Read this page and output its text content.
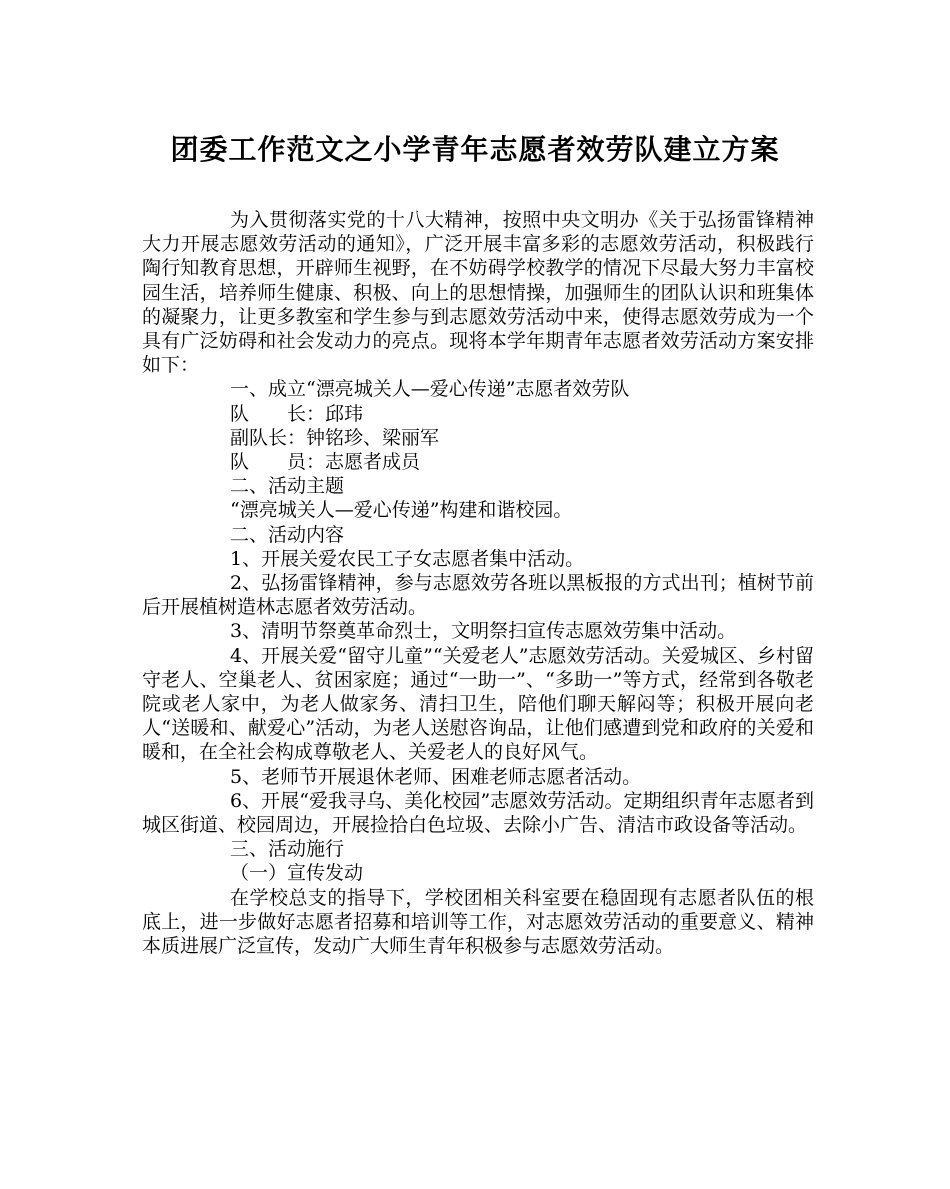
团委工作范文之小学青年志愿者效劳队建立方案

为入贯彻落实党的十八大精神，按照中央文明办《关于弘扬雷锋精神大力开展志愿效劳活动的通知》，广泛开展丰富多彩的志愿效劳活动，积极践行陶行知教育思想，开辟师生视野，在不妨碍学校教学的情况下尽最大努力丰富校园生活，培养师生健康、积极、向上的思想情操，加强师生的团队认识和班集体的凝聚力，让更多教室和学生参与到志愿效劳活动中来，使得志愿效劳成为一个具有广泛妨碍和社会发动力的亮点。现将本学年期青年志愿者效劳活动方案安排如下：

一、成立“漂亮城关人—爱心传递”志愿者效劳队

队　　长：邱玮

副队长：钟铭珍、梁丽军

队　　员：志愿者成员

二、活动主题

“漂亮城关人—爱心传递”构建和谐校园。

二、活动内容

1、开展关爱农民工子女志愿者集中活动。

2、弘扬雷锋精神，参与志愿效劳各班以黑板报的方式出刊；植树节前后开展植树造林志愿者效劳活动。

3、清明节祭奠革命烈士，文明祭扫宣传志愿效劳集中活动。

4、开展关爱“留守儿童”“关爱老人”志愿效劳活动。关爱城区、乡村留守老人、空巢老人、贫困家庭；通过“一助一”、“多助一”等方式，经常到各敬老院或老人家中，为老人做家务、清扫卫生，陪他们聊天解闷等；积极开展向老人“送暖和、献爱心”活动，为老人送慰咨询品，让他们感遭到党和政府的关爱和暖和，在全社会构成尊敬老人、关爱老人的良好风气。

5、老师节开展退休老师、困难老师志愿者活动。

6、开展“爱我寻乌、美化校园”志愿效劳活动。定期组织青年志愿者到城区街道、校园周边，开展捡拾白色垃圾、去除小广告、清洁市政设备等活动。

三、活动施行

（一）宣传发动

在学校总支的指导下，学校团相关科室要在稳固现有志愿者队伍的根底上，进一步做好志愿者招募和培训等工作，对志愿效劳活动的重要意义、精神本质进展广泛宣传，发动广大师生青年积极参与志愿效劳活动。
